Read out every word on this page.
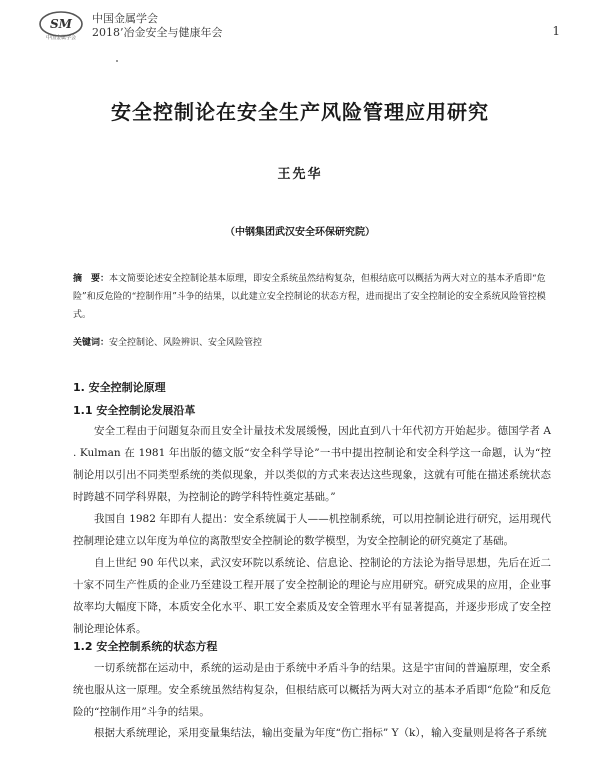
SM
中国金属学会
中国金属学会
2018’冶金安全与健康年会	1
安全控制论在安全生产风险管理应用研究
王先华
（中钢集团武汉安全环保研究院）
摘　要：本文简要论述安全控制论基本原理，即安全系统虽然结构复杂，但根结底可以概括为两大对立的基本矛盾即“危险”和反危险的“控制作用”斗争的结果，以此建立安全控制论的状态方程，进而提出了安全控制论的安全系统风险管控模式。
关键词：安全控制论、风险辨识、安全风险管控
1. 安全控制论原理
1.1 安全控制论发展沿革
安全工程由于问题复杂而且安全计量技术发展缓慢，因此直到八十年代初方开始起步。德国学者 A . Kulman 在 1981 年出版的德文版“安全科学导论”一书中提出控制论和安全科学这一命题，认为“控制论用以引出不同类型系统的类似现象，并以类似的方式来表达这些现象，这就有可能在描述系统状态时跨越不同学科界限，为控制论的跨学科特性奠定基础。”
我国自 1982 年即有人提出：安全系统属于人——机控制系统，可以用控制论进行研究，运用现代控制理论建立以年度为单位的离散型安全控制论的数学模型，为安全控制论的研究奠定了基础。
自上世纪 90 年代以来，武汉安环院以系统论、信息论、控制论的方法论为指导思想，先后在近二十家不同生产性质的企业乃至建设工程开展了安全控制论的理论与应用研究。研究成果的应用，企业事故率均大幅度下降，本质安全化水平、职工安全素质及安全管理水平有显著提高，并逐步形成了安全控制论理论体系。
1.2 安全控制系统的状态方程
一切系统都在运动中，系统的运动是由于系统中矛盾斗争的结果。这是宇宙间的普遍原理，安全系统也服从这一原理。安全系统虽然结构复杂，但根结底可以概括为两大对立的基本矛盾即“危险”和反危险的“控制作用”斗争的结果。
根据大系统理论，采用变量集结法，输出变量为年度“伤亡指标” Y（k），输入变量则是将各子系统
